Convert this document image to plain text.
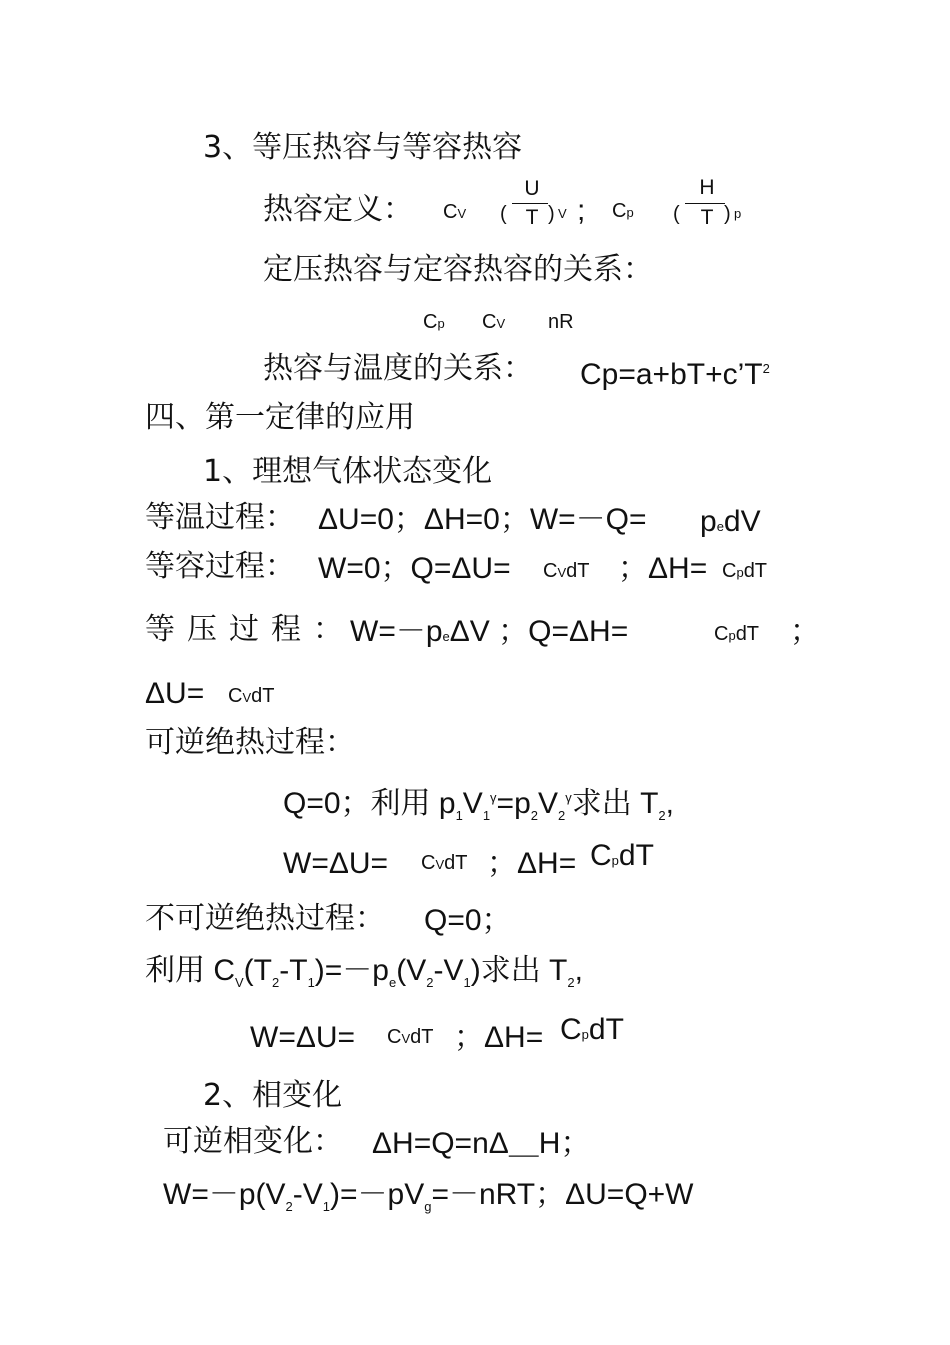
3、等压热容与等容热容
热容定义： CV (
U
T ) V ; Cp (
H
T ) p
定压热容与定容热容的关系：
Cp CV nR
热容与温度的关系： $Cp=a+bT+c’T^2$
四、第一定律的应用
1、理想气体状态变化
等温过程： ΔU=0；ΔH=0；W=－Q= pedV
等容过程： W=0；Q=ΔU= CVdT ；ΔH= CpdT
等压过程：
W=－peΔV ；Q=ΔH=	CpdT ；
ΔU= CVdT
可逆绝热过程：
Q=0；利用 $p_1V_1^\gamma=p_2V_2^\gamma$求出 $T_2$,
W=ΔU= CVdT ；ΔH= CpdT
不可逆绝热过程： Q=0；
利用 $C_V(T_2-T_1)=-p_e(V_2-V_1)$求出 $T_2$,
W=ΔU= CVdT ；ΔH= CpdT
2、相变化
可逆相变化： ΔH=Q=nΔ＿H；
$W=-p(V_2-V_1)=-pV_g=-nRT$；ΔU=Q+W
